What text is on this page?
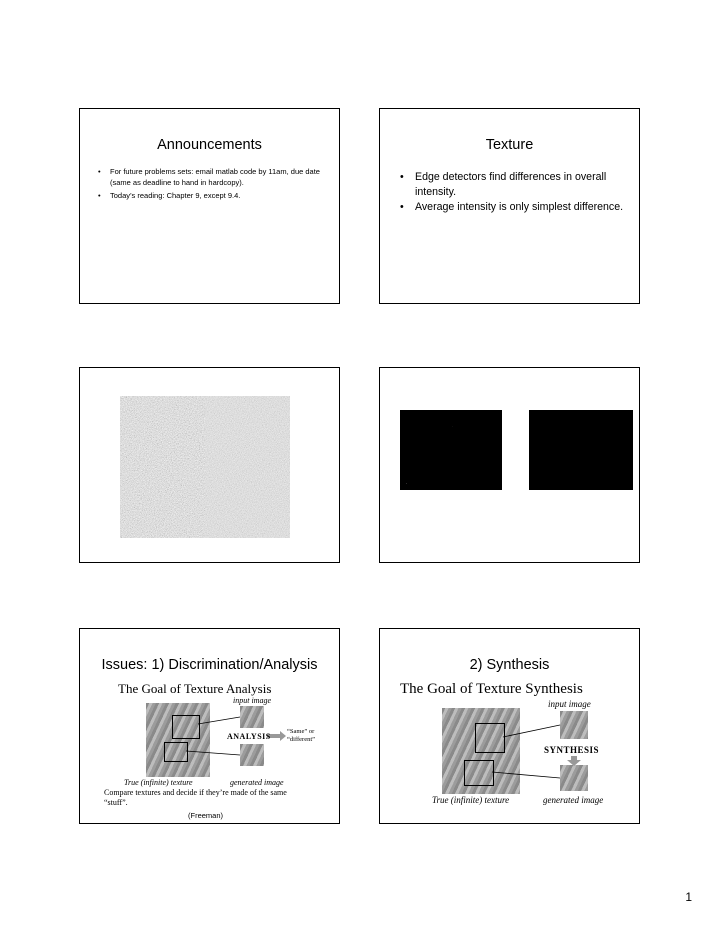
Announcements
• For future problems sets: email matlab code by 11am, due date (same as deadline to hand in hardcopy).
• Today’s reading: Chapter 9, except 9.4.
Texture
• Edge detectors find differences in overall intensity.
• Average intensity is only simplest difference.
Issues: 1) Discrimination/Analysis
The Goal of Texture Analysis
input image
ANALYSIS
“Same” or “different”
True (infinite) texture	generated image
Compare textures and decide if they’re made of the same “stuff”.
(Freeman)
2) Synthesis
The Goal of Texture Synthesis
input image
SYNTHESIS
True (infinite) texture	generated image
1
